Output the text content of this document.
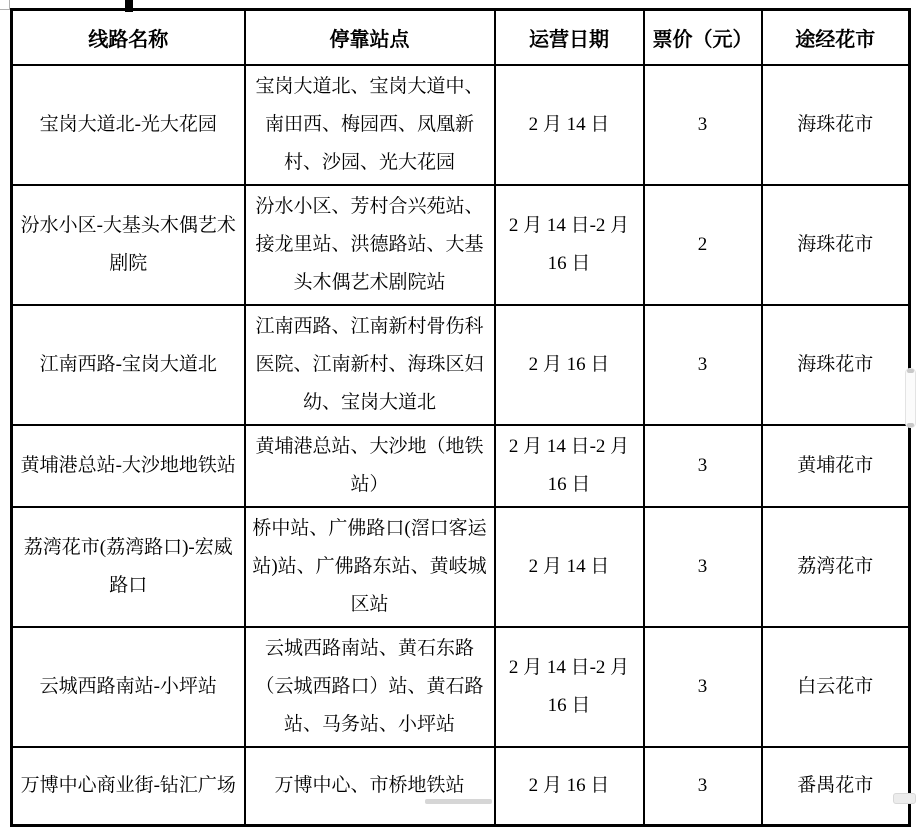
线路名称	停靠站点	运营日期	票价（元）	途经花市
宝岗大道北-光大花园	宝岗大道北、宝岗大道中、南田西、梅园西、凤凰新村、沙园、光大花园	2 月 14 日	3	海珠花市
汾水小区-大基头木偶艺术剧院	汾水小区、芳村合兴苑站、接龙里站、洪德路站、大基头木偶艺术剧院站	2 月 14 日-2 月 16 日	2	海珠花市
江南西路-宝岗大道北	江南西路、江南新村骨伤科医院、江南新村、海珠区妇幼、宝岗大道北	2 月 16 日	3	海珠花市
黄埔港总站-大沙地地铁站	黄埔港总站、大沙地（地铁站）	2 月 14 日-2 月 16 日	3	黄埔花市
荔湾花市(荔湾路口)-宏威路口	桥中站、广佛路口(滘口客运站)站、广佛路东站、黄岐城区站	2 月 14 日	3	荔湾花市
云城西路南站-小坪站	云城西路南站、黄石东路（云城西路口）站、黄石路站、马务站、小坪站	2 月 14 日-2 月 16 日	3	白云花市
万博中心商业街-钻汇广场	万博中心、市桥地铁站	2 月 16 日	3	番禺花市
